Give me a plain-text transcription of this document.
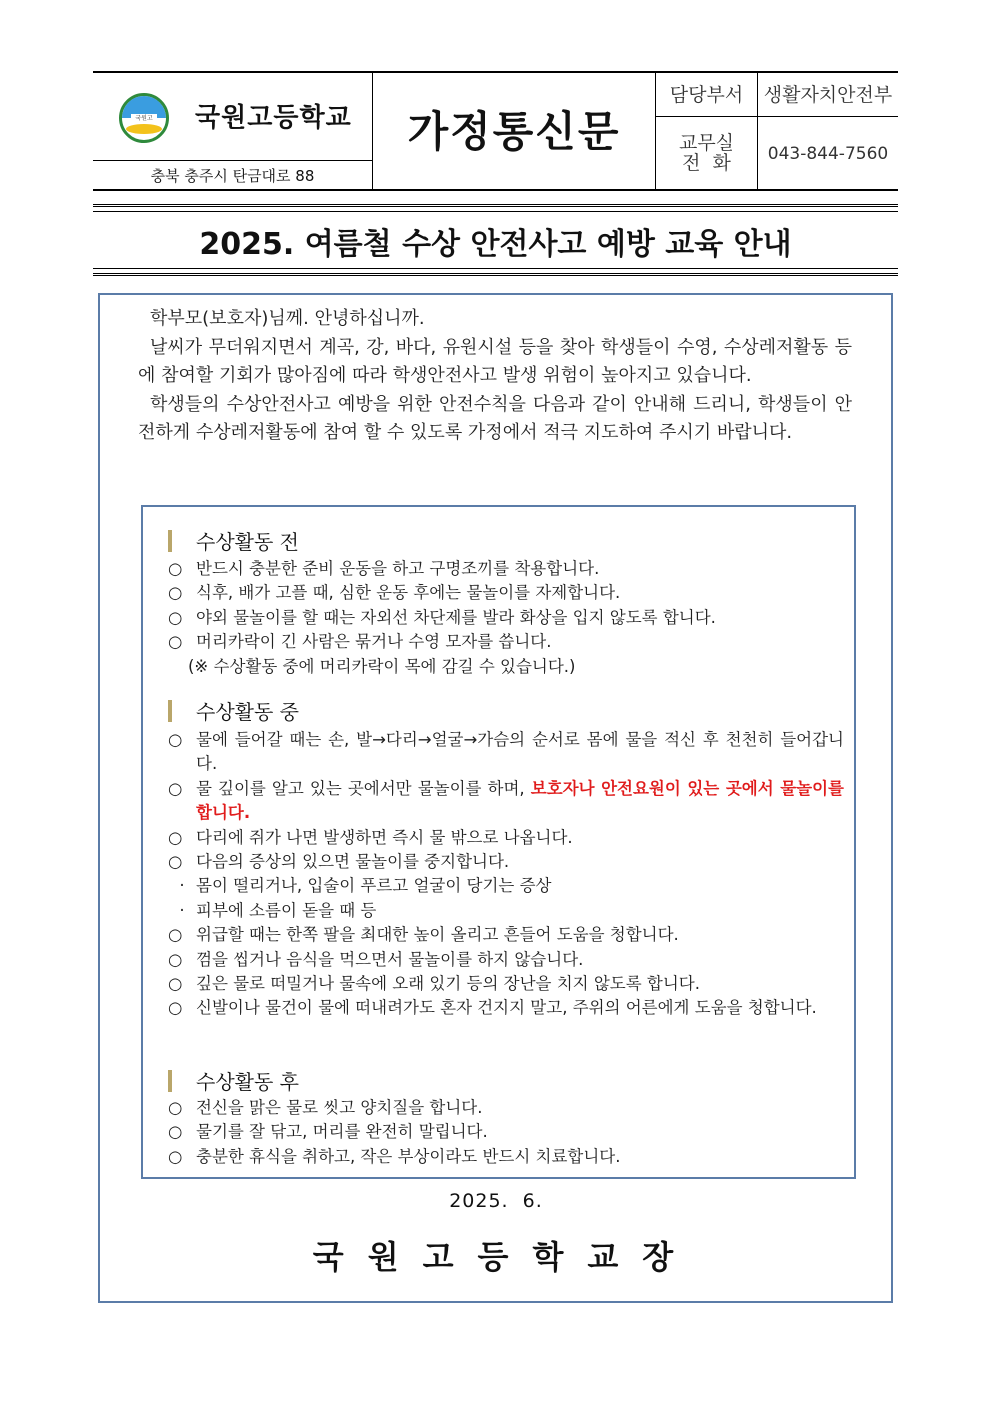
국원고 국원고등학교
충북 충주시 탄금대로 88
가정통신문
담당부서	생활자치안전부
교무실
전  화	043-844-7560
2025. 여름철 수상 안전사고 예방 교육 안내

학부모(보호자)님께. 안녕하십니까.

날씨가 무더워지면서 계곡, 강, 바다, 유원시설 등을 찾아 학생들이 수영, 수상레저활동 등에 참여할 기회가 많아짐에 따라 학생안전사고 발생 위험이 높아지고 있습니다.

학생들의 수상안전사고 예방을 위한 안전수칙을 다음과 같이 안내해 드리니, 학생들이 안전하게 수상레저활동에 참여 할 수 있도록 가정에서 적극 지도하여 주시기 바랍니다.

수상활동 전
○ 반드시 충분한 준비 운동을 하고 구명조끼를 착용합니다.
○ 식후, 배가 고플 때, 심한 운동 후에는 물놀이를 자제합니다.
○ 야외 물놀이를 할 때는 자외선 차단제를 발라 화상을 입지 않도록 합니다.
○ 머리카락이 긴 사람은 묶거나 수영 모자를 씁니다.
(※ 수상활동 중에 머리카락이 목에 감길 수 있습니다.)
수상활동 중
○ 물에 들어갈 때는 손, 발→다리→얼굴→가슴의 순서로 몸에 물을 적신 후 천천히 들어갑니다.
○ 물 깊이를 알고 있는 곳에서만 물놀이를 하며, 보호자나 안전요원이 있는 곳에서 물놀이를 합니다.
○ 다리에 쥐가 나면 발생하면 즉시 물 밖으로 나옵니다.
○ 다음의 증상의 있으면 물놀이를 중지합니다.
· 몸이 떨리거나, 입술이 푸르고 얼굴이 당기는 증상
· 피부에 소름이 돋을 때 등
○ 위급할 때는 한쪽 팔을 최대한 높이 올리고 흔들어 도움을 청합니다.
○ 껌을 씹거나 음식을 먹으면서 물놀이를 하지 않습니다.
○ 깊은 물로 떠밀거나 물속에 오래 있기 등의 장난을 치지 않도록 합니다.
○ 신발이나 물건이 물에 떠내려가도 혼자 건지지 말고, 주위의 어른에게 도움을 청합니다.
수상활동 후
○ 전신을 맑은 물로 씻고 양치질을 합니다.
○ 물기를 잘 닦고, 머리를 완전히 말립니다.
○ 충분한 휴식을 취하고, 작은 부상이라도 반드시 치료합니다.
2025.  6.
국원고등학교장
